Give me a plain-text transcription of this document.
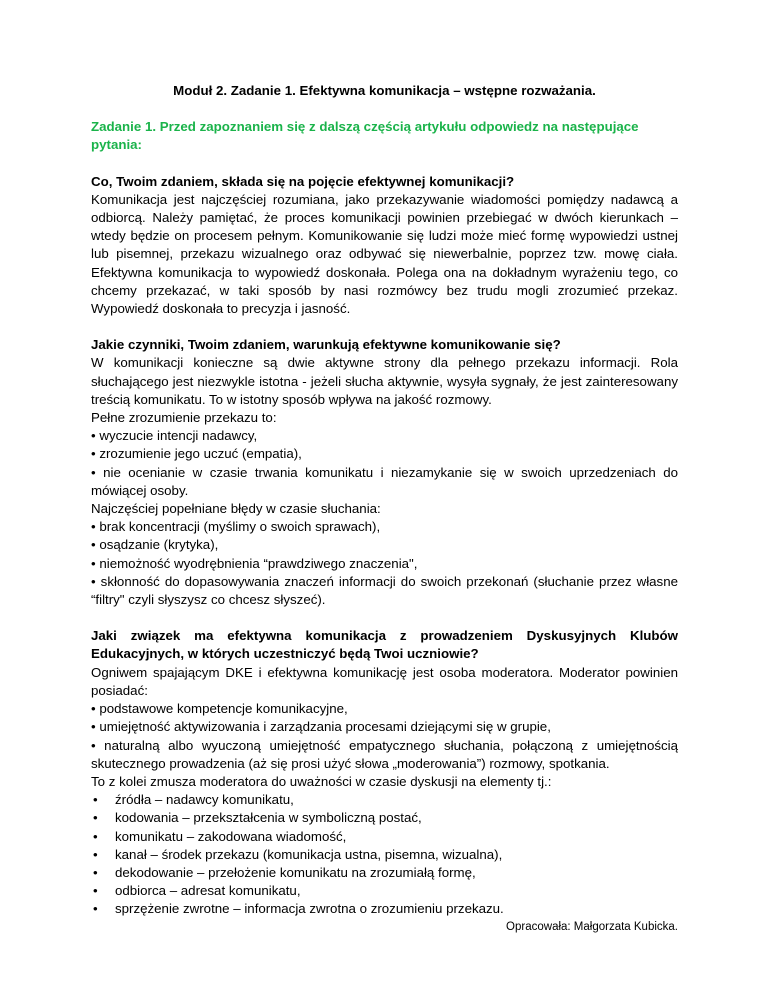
Moduł 2. Zadanie 1. Efektywna komunikacja – wstępne rozważania.

Zadanie 1. Przed zapoznaniem się z dalszą częścią artykułu odpowiedz na następujące pytania:

Co, Twoim zdaniem, składa się na pojęcie efektywnej komunikacji?

Komunikacja jest najczęściej rozumiana, jako przekazywanie wiadomości pomiędzy nadawcą a odbiorcą. Należy pamiętać, że proces komunikacji powinien przebiegać w dwóch kierunkach – wtedy będzie on procesem pełnym. Komunikowanie się ludzi może mieć formę wypowiedzi ustnej lub pisemnej, przekazu wizualnego oraz odbywać się niewerbalnie, poprzez tzw. mowę ciała. Efektywna komunikacja to wypowiedź doskonała. Polega ona na dokładnym wyrażeniu tego, co chcemy przekazać, w taki sposób by nasi rozmówcy bez trudu mogli zrozumieć przekaz. Wypowiedź doskonała to precyzja i jasność.

Jakie czynniki, Twoim zdaniem, warunkują efektywne komunikowanie się?

W komunikacji konieczne są dwie aktywne strony dla pełnego przekazu informacji. Rola słuchającego jest niezwykle istotna - jeżeli słucha aktywnie, wysyła sygnały, że jest zainteresowany treścią komunikatu. To w istotny sposób wpływa na jakość rozmowy.

Pełne zrozumienie przekazu to:

• wyczucie intencji nadawcy,

• zrozumienie jego uczuć (empatia),

• nie ocenianie w czasie trwania komunikatu i niezamykanie się w swoich uprzedzeniach do mówiącej osoby.

Najczęściej popełniane błędy w czasie słuchania:

• brak koncentracji (myślimy o swoich sprawach),

• osądzanie (krytyka),

• niemożność wyodrębnienia “prawdziwego znaczenia",

• skłonność do dopasowywania znaczeń informacji do swoich przekonań (słuchanie przez własne “filtry" czyli słyszysz co chcesz słyszeć).

Jaki związek ma efektywna komunikacja z prowadzeniem Dyskusyjnych Klubów Edukacyjnych, w których uczestniczyć będą Twoi uczniowie?

Ogniwem spajającym DKE i efektywna komunikację jest osoba moderatora. Moderator powinien posiadać:

• podstawowe kompetencje komunikacyjne,

• umiejętność aktywizowania i zarządzania procesami dziejącymi się w grupie,

• naturalną albo wyuczoną umiejętność empatycznego słuchania, połączoną z umiejętnością skutecznego prowadzenia (aż się prosi użyć słowa „moderowania”) rozmowy, spotkania.

To z kolei zmusza moderatora do uważności w czasie dyskusji na elementy tj.:

• źródła – nadawcy komunikatu,
• kodowania – przekształcenia w symboliczną postać,
• komunikatu – zakodowana wiadomość,
• kanał – środek przekazu (komunikacja ustna, pisemna, wizualna),
• dekodowanie – przełożenie komunikatu na zrozumiałą formę,
• odbiorca – adresat komunikatu,
• sprzężenie zwrotne – informacja zwrotna o zrozumieniu przekazu.

Opracowała: Małgorzata Kubicka.
